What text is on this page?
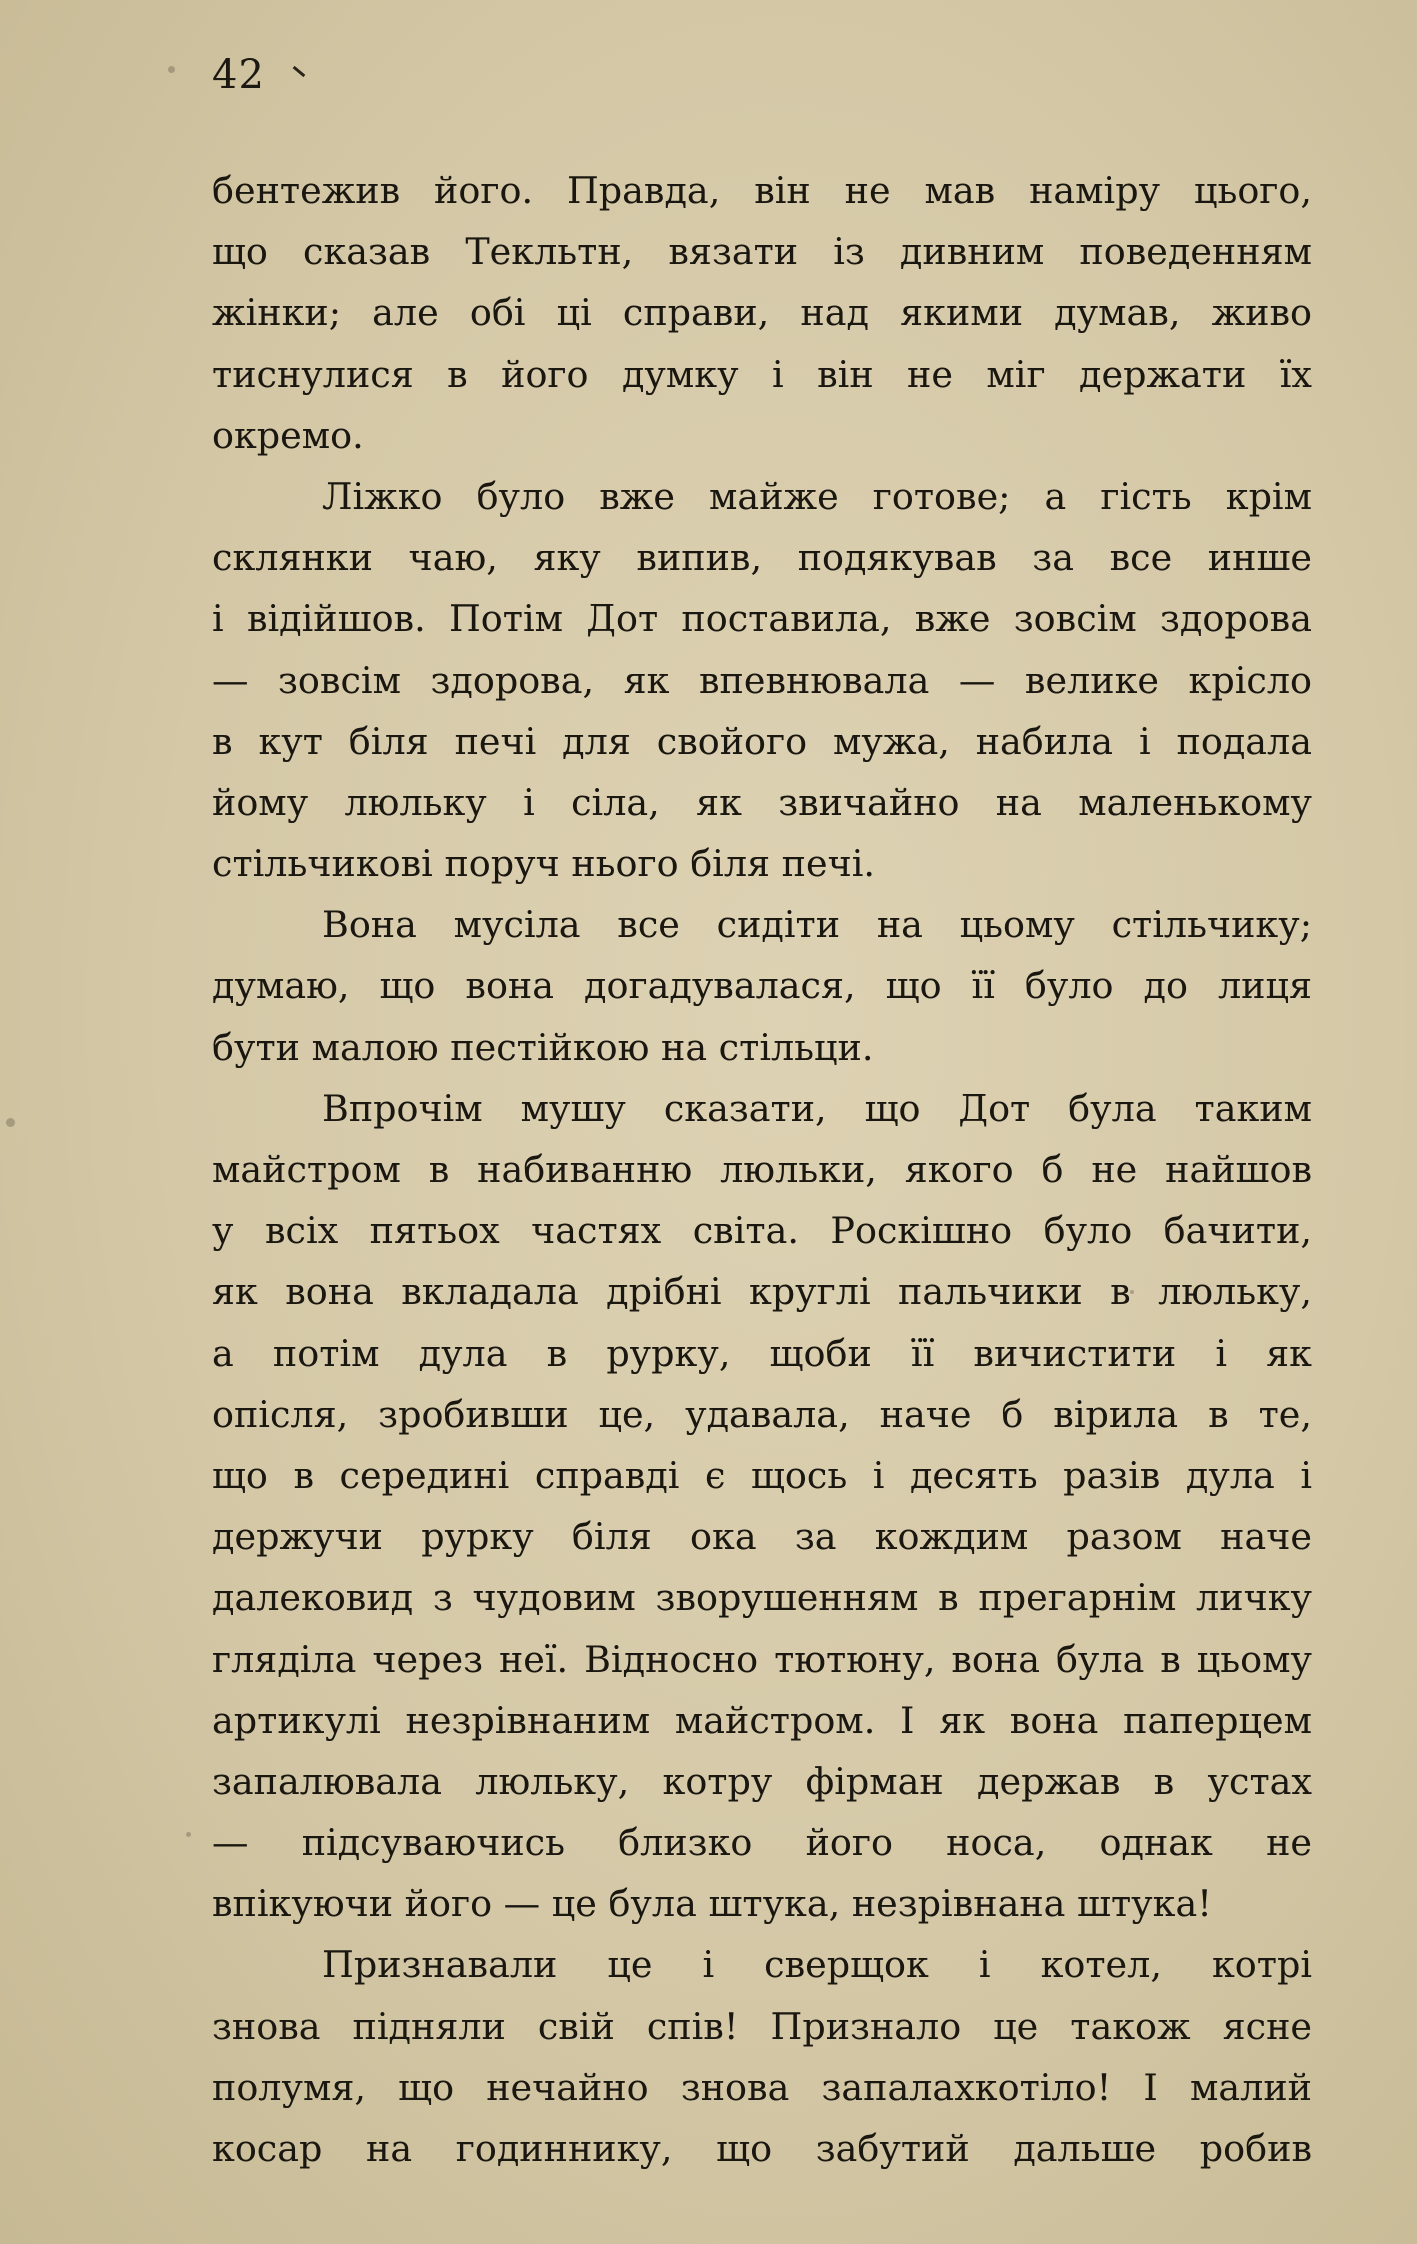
42
бентежив його. Правда, він не мав наміру цього,
що сказав Текльтн, вязати із дивним поведенням
жінки; але обі ці справи, над якими думав, живо
тиснулися в його думку і він не міг держати їх
окремо.
Ліжко було вже майже готове; а гість крім
склянки чаю, яку випив, подякував за все инше
і відійшов. Потім Дот поставила, вже зовсім здорова
— зовсім здорова, як впевнювала — велике крісло
в кут біля печі для свойого мужа, набила і подала
йому люльку і сіла, як звичайно на маленькому
стільчикові поруч нього біля печі.
Вона мусіла все сидіти на цьому стільчику;
думаю, що вона догадувалася, що її було до лиця
бути малою пестійкою на стільци.
Впрочім мушу сказати, що Дот була таким
майстром в набиванню люльки, якого б не найшов
у всіх пятьох частях світа. Роскішно було бачити,
як вона вкладала дрібні круглі пальчики в люльку,
а потім дула в рурку, щоби її вичистити і як
опісля, зробивши це, удавала, наче б вірила в те,
що в середині справді є щось і десять разів дула і
держучи рурку біля ока за кождим разом наче
далековид з чудовим зворушенням в прегарнім личку
гляділа через неї. Відносно тютюну, вона була в цьому
артикулі незрівнаним майстром. І як вона паперцем
запалювала люльку, котру фірман держав в устах
— підсуваючись близко його носа, однак не
впікуючи його — це була штука, незрівнана штука!
Признавали це і сверщок і котел, котрі
знова підняли свій спів! Признало це також ясне
полумя, що нечайно знова запалахкотіло! І малий
косар на годиннику, що забутий дальше робив
